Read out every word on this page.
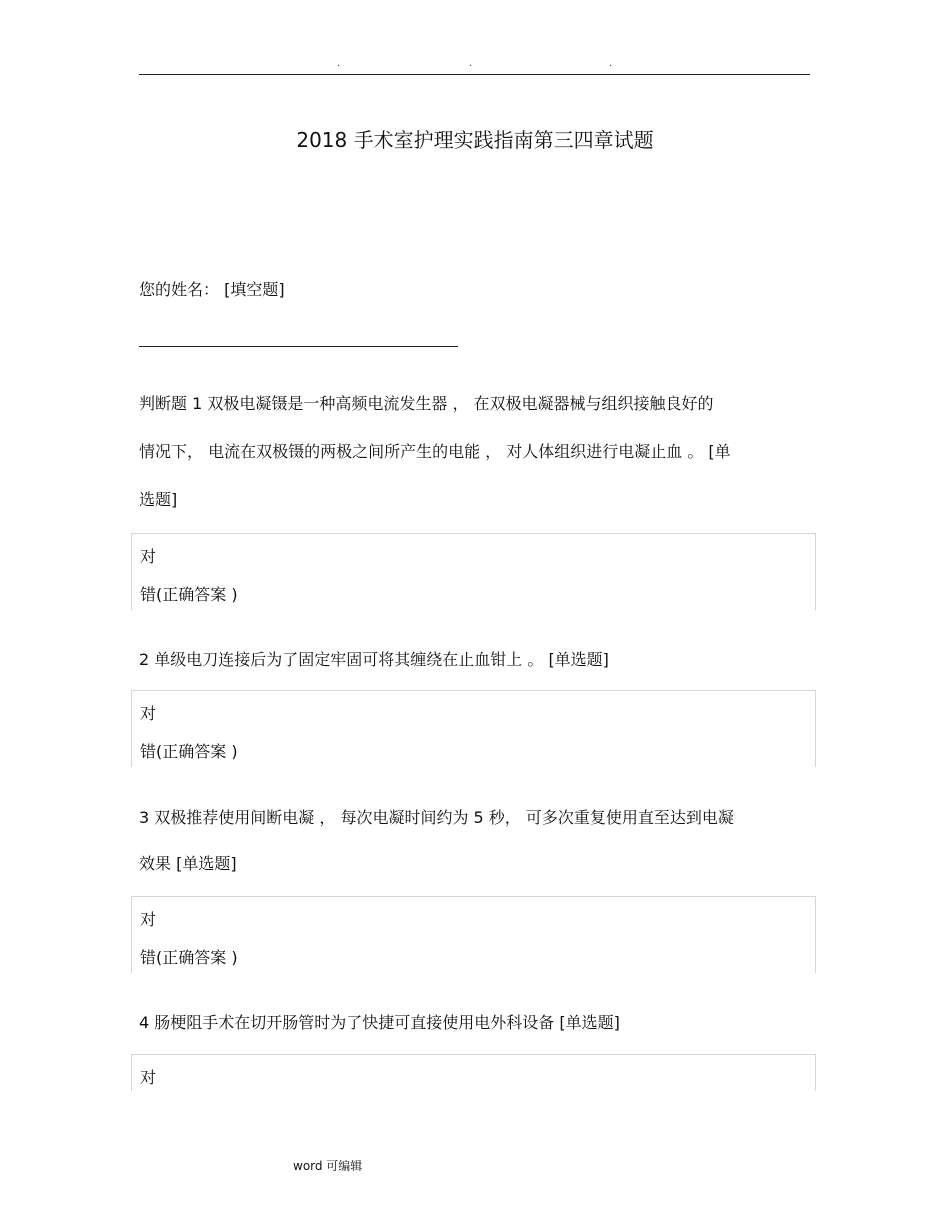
.	.	.
2018 手术室护理实践指南第三四章试题
您的姓名： [填空题]
判断题 1 双极电凝镊是一种高频电流发生器 ， 在双极电凝器械与组织接触良好的
情况下， 电流在双极镊的两极之间所产生的电能 ， 对人体组织进行电凝止血 。 [单
选题]
对
错(正确答案 )
2 单级电刀连接后为了固定牢固可将其缠绕在止血钳上 。 [单选题]
对
错(正确答案 )
3 双极推荐使用间断电凝 ， 每次电凝时间约为 5 秒， 可多次重复使用直至达到电凝
效果 [单选题]
对
错(正确答案 )
4 肠梗阻手术在切开肠管时为了快捷可直接使用电外科设备 [单选题]
对
word 可编辑
